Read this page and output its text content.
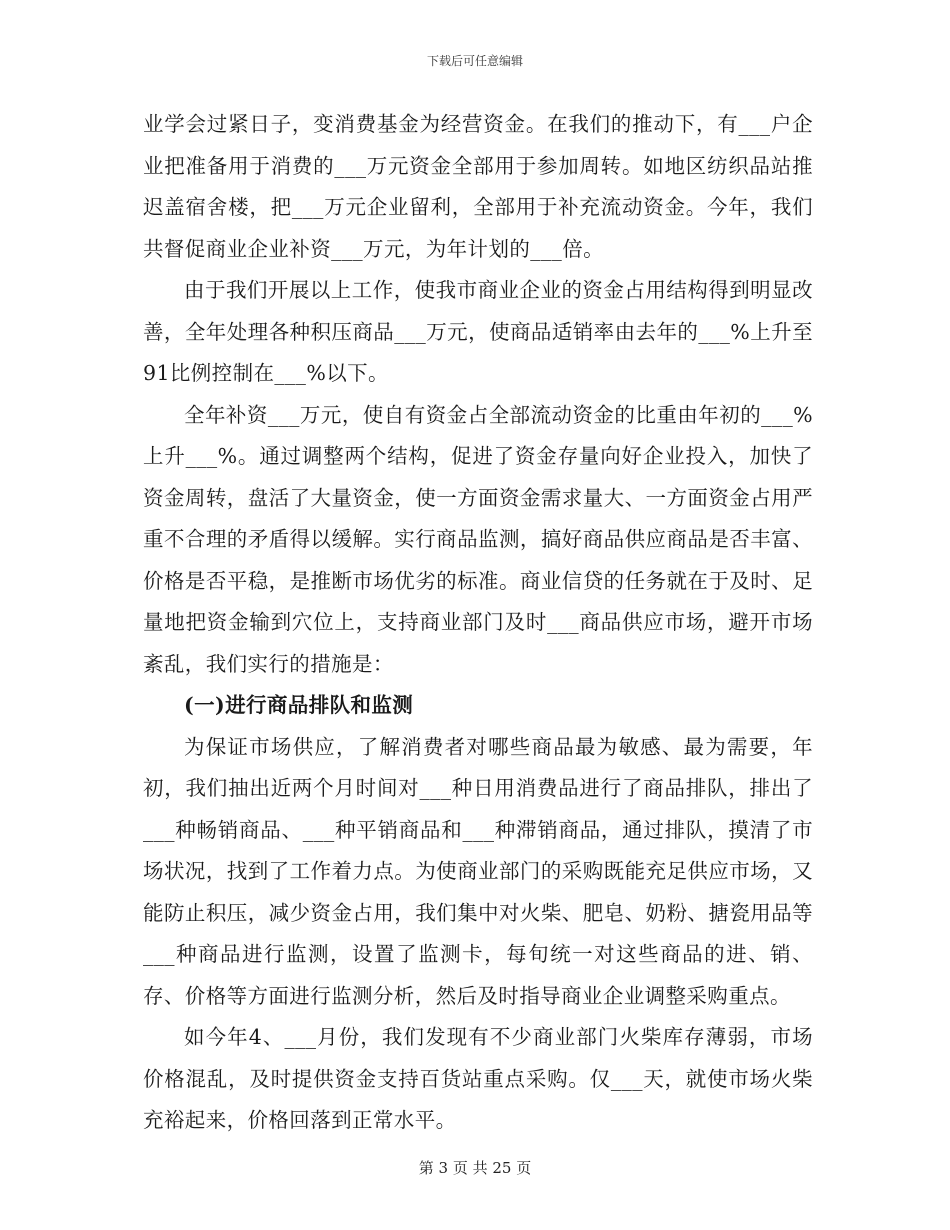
下载后可任意编辑

业学会过紧日子，变消费基金为经营资金。在我们的推动下，有___户企业把准备用于消费的___万元资金全部用于参加周转。如地区纺织品站推迟盖宿舍楼，把___万元企业留利，全部用于补充流动资金。今年，我们共督促商业企业补资___万元，为年计划的___倍。

由于我们开展以上工作，使我市商业企业的资金占用结构得到明显改善，全年处理各种积压商品___万元，使商品适销率由去年的___%上升至91比例控制在___%以下。

全年补资___万元，使自有资金占全部流动资金的比重由年初的___%上升___%。通过调整两个结构，促进了资金存量向好企业投入，加快了资金周转，盘活了大量资金，使一方面资金需求量大、一方面资金占用严重不合理的矛盾得以缓解。实行商品监测，搞好商品供应商品是否丰富、价格是否平稳，是推断市场优劣的标准。商业信贷的任务就在于及时、足量地把资金输到穴位上，支持商业部门及时___商品供应市场，避开市场紊乱，我们实行的措施是：

(一)进行商品排队和监测

为保证市场供应，了解消费者对哪些商品最为敏感、最为需要，年初，我们抽出近两个月时间对___种日用消费品进行了商品排队，排出了___种畅销商品、___种平销商品和___种滞销商品，通过排队，摸清了市场状况，找到了工作着力点。为使商业部门的采购既能充足供应市场，又能防止积压，减少资金占用，我们集中对火柴、肥皂、奶粉、搪瓷用品等___种商品进行监测，设置了监测卡，每旬统一对这些商品的进、销、存、价格等方面进行监测分析，然后及时指导商业企业调整采购重点。

如今年4、___月份，我们发现有不少商业部门火柴库存薄弱，市场价格混乱，及时提供资金支持百货站重点采购。仅___天，就使市场火柴充裕起来，价格回落到正常水平。

第 3 页 共 25 页
